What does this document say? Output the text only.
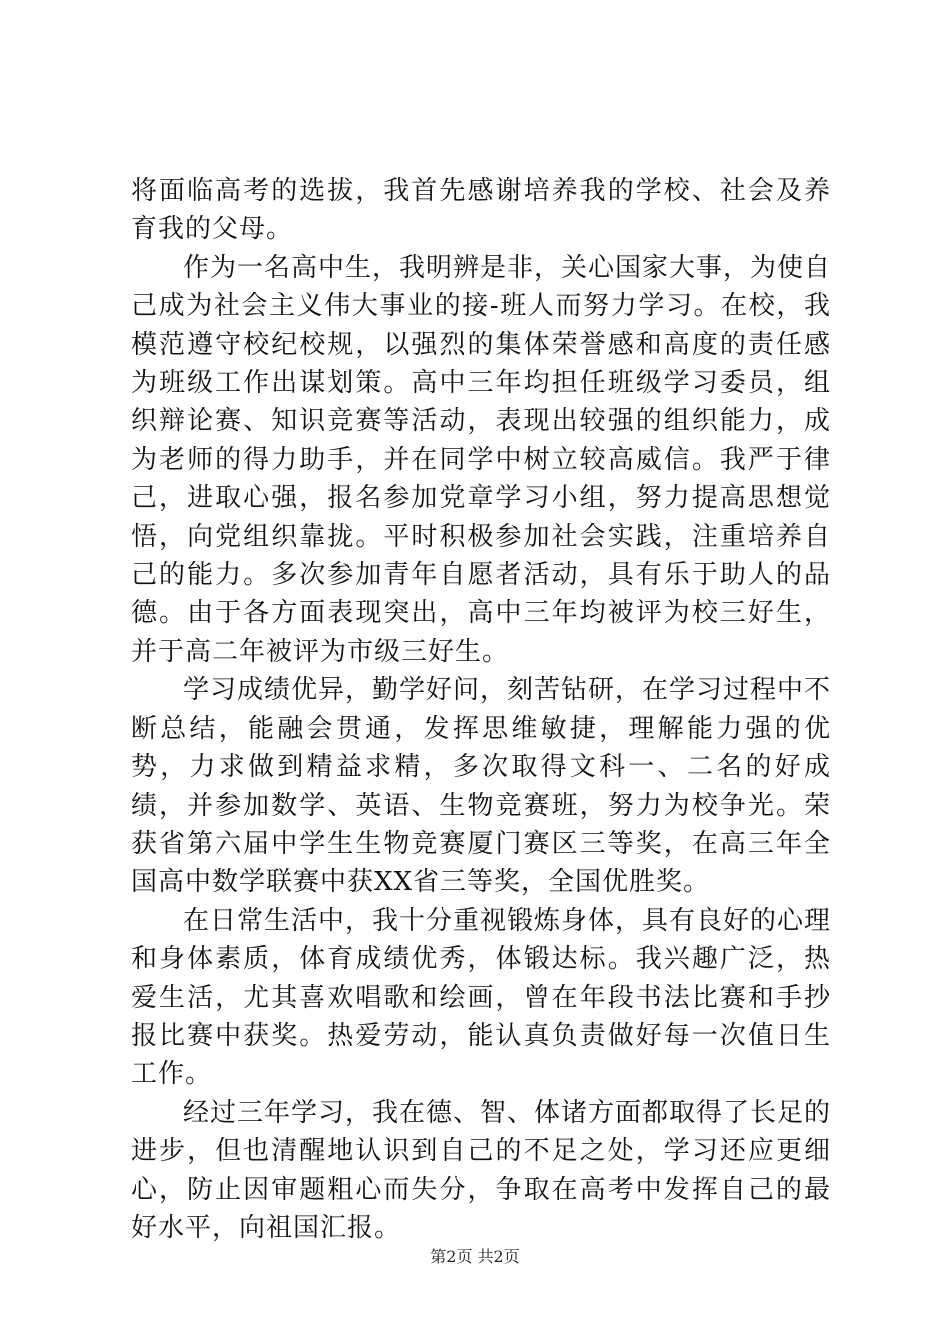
将面临高考的选拔，我首先感谢培养我的学校、社会及养育我的父母。

作为一名高中生，我明辨是非，关心国家大事，为使自己成为社会主义伟大事业的接-班人而努力学习。在校，我模范遵守校纪校规，以强烈的集体荣誉感和高度的责任感为班级工作出谋划策。高中三年均担任班级学习委员，组织辩论赛、知识竞赛等活动，表现出较强的组织能力，成为老师的得力助手，并在同学中树立较高威信。我严于律己，进取心强，报名参加党章学习小组，努力提高思想觉悟，向党组织靠拢。平时积极参加社会实践，注重培养自己的能力。多次参加青年自愿者活动，具有乐于助人的品德。由于各方面表现突出，高中三年均被评为校三好生，并于高二年被评为市级三好生。

学习成绩优异，勤学好问，刻苦钻研，在学习过程中不断总结，能融会贯通，发挥思维敏捷，理解能力强的优势，力求做到精益求精，多次取得文科一、二名的好成绩，并参加数学、英语、生物竞赛班，努力为校争光。荣获省第六届中学生生物竞赛厦门赛区三等奖，在高三年全国高中数学联赛中获XX省三等奖，全国优胜奖。

在日常生活中，我十分重视锻炼身体，具有良好的心理和身体素质，体育成绩优秀，体锻达标。我兴趣广泛，热爱生活，尤其喜欢唱歌和绘画，曾在年段书法比赛和手抄报比赛中获奖。热爱劳动，能认真负责做好每一次值日生工作。

经过三年学习，我在德、智、体诸方面都取得了长足的进步，但也清醒地认识到自己的不足之处，学习还应更细心，防止因审题粗心而失分，争取在高考中发挥自己的最好水平，向祖国汇报。

第2页 共2页
